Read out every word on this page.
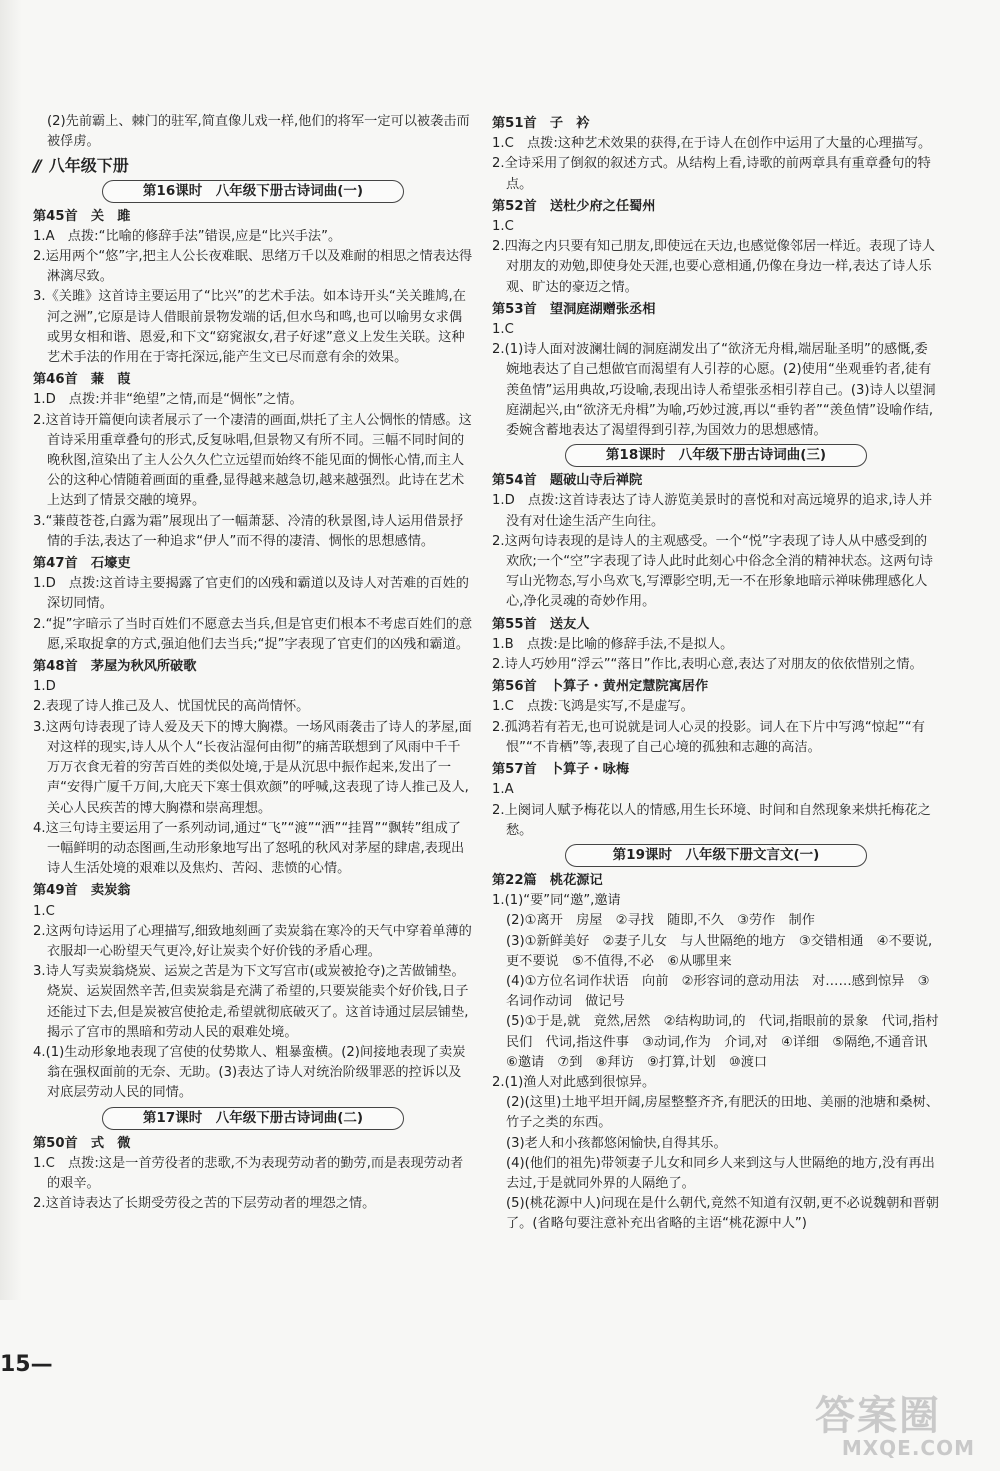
(2)先前霸上、棘门的驻军,简直像儿戏一样,他们的将军一定可以被袭击而被俘虏。
// 八年级下册
第16课时　八年级下册古诗词曲(一)
第45首　关　雎
1.A　点拨:“比喻的修辞手法”错误,应是“比兴手法”。
2.运用两个“悠”字,把主人公长夜难眠、思绪万千以及难耐的相思之情表达得淋漓尽致。
3.《关雎》这首诗主要运用了“比兴”的艺术手法。如本诗开头“关关雎鸠,在河之洲”,它原是诗人借眼前景物发端的话,但水鸟和鸣,也可以喻男女求偶或男女相和谐、恩爱,和下文“窈窕淑女,君子好逑”意义上发生关联。这种艺术手法的作用在于寄托深远,能产生文已尽而意有余的效果。
第46首　蒹　葭
1.D　点拨:并非“绝望”之情,而是“惆怅”之情。
2.这首诗开篇便向读者展示了一个凄清的画面,烘托了主人公惆怅的情感。这首诗采用重章叠句的形式,反复咏唱,但景物又有所不同。三幅不同时间的晚秋图,渲染出了主人公久久伫立远望而始终不能见面的惆怅心情,而主人公的这种心情随着画面的重叠,显得越来越急切,越来越强烈。此诗在艺术上达到了情景交融的境界。
3.“蒹葭苍苍,白露为霜”展现出了一幅萧瑟、冷清的秋景图,诗人运用借景抒情的手法,表达了一种追求“伊人”而不得的凄清、惆怅的思想感情。
第47首　石壕吏
1.D　点拨:这首诗主要揭露了官吏们的凶残和霸道以及诗人对苦难的百姓的深切同情。
2.“捉”字暗示了当时百姓们不愿意去当兵,但是官吏们根本不考虑百姓们的意愿,采取捉拿的方式,强迫他们去当兵;“捉”字表现了官吏们的凶残和霸道。
第48首　茅屋为秋风所破歌
1.D
2.表现了诗人推己及人、忧国忧民的高尚情怀。
3.这两句诗表现了诗人爱及天下的博大胸襟。一场风雨袭击了诗人的茅屋,面对这样的现实,诗人从个人“长夜沾湿何由彻”的痛苦联想到了风雨中千千万万衣食无着的穷苦百姓的类似处境,于是从沉思中振作起来,发出了一声“安得广厦千万间,大庇天下寒士俱欢颜”的呼喊,这表现了诗人推己及人,关心人民疾苦的博大胸襟和崇高理想。
4.这三句诗主要运用了一系列动词,通过“飞”“渡”“洒”“挂罥”“飘转”组成了一幅鲜明的动态图画,生动形象地写出了怒吼的秋风对茅屋的肆虐,表现出诗人生活处境的艰难以及焦灼、苦闷、悲愤的心情。
第49首　卖炭翁
1.C
2.这两句诗运用了心理描写,细致地刻画了卖炭翁在寒冷的天气中穿着单薄的衣服却一心盼望天气更冷,好让炭卖个好价钱的矛盾心理。
3.诗人写卖炭翁烧炭、运炭之苦是为下文写宫市(或炭被抢夺)之苦做铺垫。烧炭、运炭固然辛苦,但卖炭翁是充满了希望的,只要炭能卖个好价钱,日子还能过下去,但是炭被宫使抢走,希望就彻底破灭了。这首诗通过层层铺垫,揭示了宫市的黑暗和劳动人民的艰难处境。
4.(1)生动形象地表现了宫使的仗势欺人、粗暴蛮横。(2)间接地表现了卖炭翁在强权面前的无奈、无助。(3)表达了诗人对统治阶级罪恶的控诉以及对底层劳动人民的同情。
第17课时　八年级下册古诗词曲(二)
第50首　式　微
1.C　点拨:这是一首劳役者的悲歌,不为表现劳动者的勤劳,而是表现劳动者的艰辛。
2.这首诗表达了长期受劳役之苦的下层劳动者的埋怨之情。
第51首　子　衿
1.C　点拨:这种艺术效果的获得,在于诗人在创作中运用了大量的心理描写。
2.全诗采用了倒叙的叙述方式。从结构上看,诗歌的前两章具有重章叠句的特点。
第52首　送杜少府之任蜀州
1.C
2.四海之内只要有知己朋友,即使远在天边,也感觉像邻居一样近。表现了诗人对朋友的劝勉,即使身处天涯,也要心意相通,仍像在身边一样,表达了诗人乐观、旷达的豪迈之情。
第53首　望洞庭湖赠张丞相
1.C
2.(1)诗人面对波澜壮阔的洞庭湖发出了“欲济无舟楫,端居耻圣明”的感慨,委婉地表达了自己想做官而渴望有人引荐的心愿。(2)使用“坐观垂钓者,徒有羡鱼情”运用典故,巧设喻,表现出诗人希望张丞相引荐自己。(3)诗人以望洞庭湖起兴,由“欲济无舟楫”为喻,巧妙过渡,再以“垂钓者”“羡鱼情”设喻作结,委婉含蓄地表达了渴望得到引荐,为国效力的思想感情。
第18课时　八年级下册古诗词曲(三)
第54首　题破山寺后禅院
1.D　点拨:这首诗表达了诗人游览美景时的喜悦和对高远境界的追求,诗人并没有对仕途生活产生向往。
2.这两句诗表现的是诗人的主观感受。一个“悦”字表现了诗人从中感受到的欢欣;一个“空”字表现了诗人此时此刻心中俗念全消的精神状态。这两句诗写山光物态,写小鸟欢飞,写潭影空明,无一不在形象地暗示禅味佛理感化人心,净化灵魂的奇妙作用。
第55首　送友人
1.B　点拨:是比喻的修辞手法,不是拟人。
2.诗人巧妙用“浮云”“落日”作比,表明心意,表达了对朋友的依依惜别之情。
第56首　卜算子・黄州定慧院寓居作
1.C　点拨:飞鸿是实写,不是虚写。
2.孤鸿若有若无,也可说就是词人心灵的投影。词人在下片中写鸿“惊起”“有恨”“不肯栖”等,表现了自己心境的孤独和志趣的高洁。
第57首　卜算子・咏梅
1.A
2.上阕词人赋予梅花以人的情感,用生长环境、时间和自然现象来烘托梅花之愁。
第19课时　八年级下册文言文(一)
第22篇　桃花源记
1.(1)“要”同“邀”,邀请
(2)①离开　房屋　②寻找　随即,不久　③劳作　制作
(3)①新鲜美好　②妻子儿女　与人世隔绝的地方　③交错相通　④不要说,更不要说　⑤不值得,不必　⑥从哪里来
(4)①方位名词作状语　向前　②形容词的意动用法　对……感到惊异　③名词作动词　做记号
(5)①于是,就　竟然,居然　②结构助词,的　代词,指眼前的景象　代词,指村民们　代词,指这件事　③动词,作为　介词,对　④详细　⑤隔绝,不通音讯　⑥邀请　⑦到　⑧拜访　⑨打算,计划　⑩渡口
2.(1)渔人对此感到很惊异。
(2)(这里)土地平坦开阔,房屋整整齐齐,有肥沃的田地、美丽的池塘和桑树、竹子之类的东西。
(3)老人和小孩都悠闲愉快,自得其乐。
(4)(他们的祖先)带领妻子儿女和同乡人来到这与人世隔绝的地方,没有再出去过,于是就同外界的人隔绝了。
(5)(桃花源中人)问现在是什么朝代,竟然不知道有汉朝,更不必说魏朝和晋朝了。(省略句要注意补充出省略的主语“桃花源中人”)
15—
答案圈
MXQE.COM
